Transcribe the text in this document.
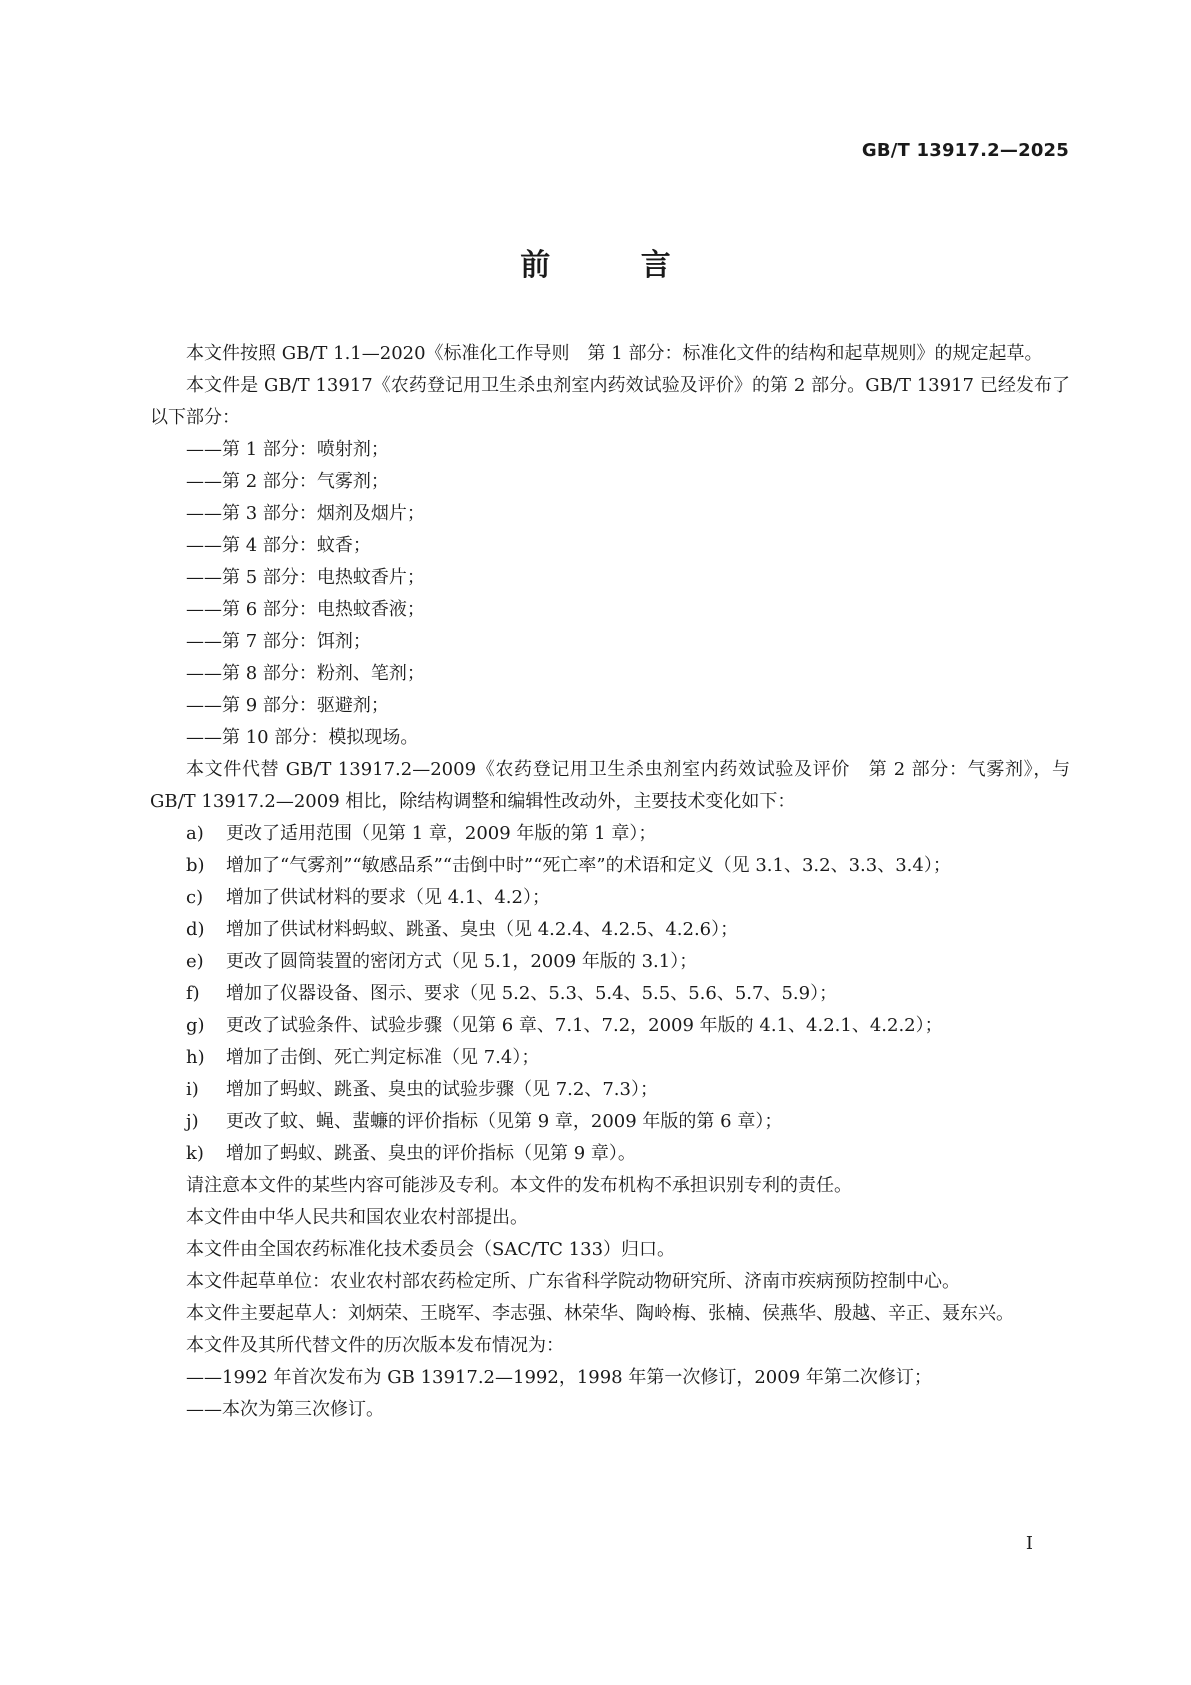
GB/T 13917.2—2025
前 言

本文件按照 GB/T 1.1—2020《标准化工作导则　第 1 部分：标准化文件的结构和起草规则》的规定起草。

本文件是 GB/T 13917《农药登记用卫生杀虫剂室内药效试验及评价》的第 2 部分。GB/T 13917 已经发布了以下部分：

——第 1 部分：喷射剂；

——第 2 部分：气雾剂；

——第 3 部分：烟剂及烟片；

——第 4 部分：蚊香；

——第 5 部分：电热蚊香片；

——第 6 部分：电热蚊香液；

——第 7 部分：饵剂；

——第 8 部分：粉剂、笔剂；

——第 9 部分：驱避剂；

——第 10 部分：模拟现场。

本文件代替 GB/T 13917.2—2009《农药登记用卫生杀虫剂室内药效试验及评价　第 2 部分：气雾剂》，与 GB/T 13917.2—2009 相比，除结构调整和编辑性改动外，主要技术变化如下：

a)	更改了适用范围（见第 1 章，2009 年版的第 1 章）；
b)	增加了“气雾剂”“敏感品系”“击倒中时”“死亡率”的术语和定义（见 3.1、3.2、3.3、3.4）；
c)	增加了供试材料的要求（见 4.1、4.2）；
d)	增加了供试材料蚂蚁、跳蚤、臭虫（见 4.2.4、4.2.5、4.2.6）；
e)	更改了圆筒装置的密闭方式（见 5.1，2009 年版的 3.1）；
f)	增加了仪器设备、图示、要求（见 5.2、5.3、5.4、5.5、5.6、5.7、5.9）；
g)	更改了试验条件、试验步骤（见第 6 章、7.1、7.2，2009 年版的 4.1、4.2.1、4.2.2）；
h)	增加了击倒、死亡判定标准（见 7.4）；
i)	增加了蚂蚁、跳蚤、臭虫的试验步骤（见 7.2、7.3）；
j)	更改了蚊、蝇、蜚蠊的评价指标（见第 9 章，2009 年版的第 6 章）；
k)	增加了蚂蚁、跳蚤、臭虫的评价指标（见第 9 章）。

请注意本文件的某些内容可能涉及专利。本文件的发布机构不承担识别专利的责任。

本文件由中华人民共和国农业农村部提出。

本文件由全国农药标准化技术委员会（SAC/TC 133）归口。

本文件起草单位：农业农村部农药检定所、广东省科学院动物研究所、济南市疾病预防控制中心。

本文件主要起草人：刘炳荣、王晓军、李志强、林荣华、陶岭梅、张楠、侯燕华、殷越、辛正、聂东兴。

本文件及其所代替文件的历次版本发布情况为：

——1992 年首次发布为 GB 13917.2—1992，1998 年第一次修订，2009 年第二次修订；

——本次为第三次修订。

I
